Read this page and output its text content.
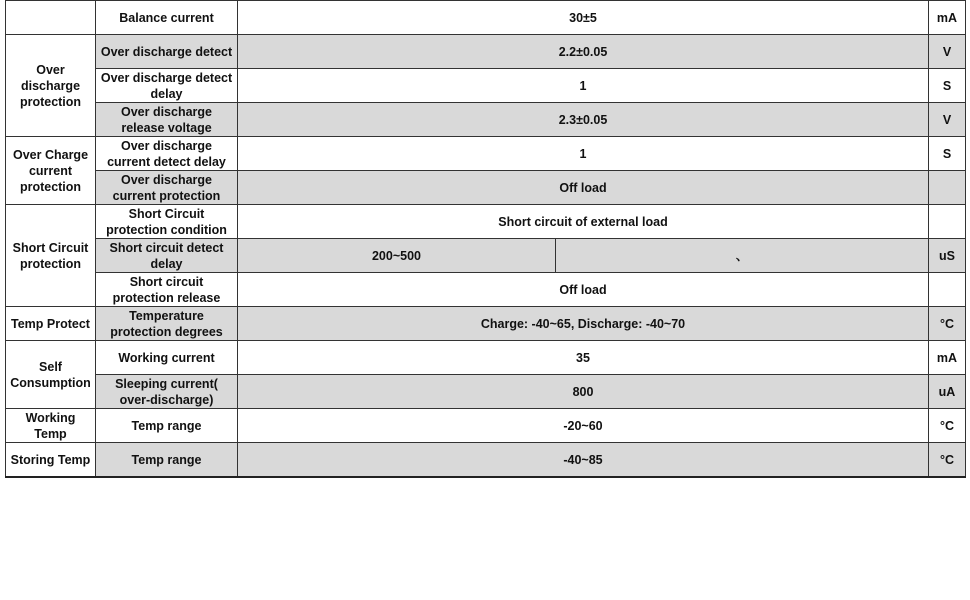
	Balance current	30±5		mA
Over discharge protection	Over discharge detect	2.2±0.05		V
	Over discharge detect delay	1		S
	Over discharge release voltage	2.3±0.05		V
Over Charge current protection	Over discharge current detect delay	1		S
	Over discharge current protection	Off load		
Short Circuit protection	Short Circuit protection condition	Short circuit of external load		
	Short circuit detect delay	200~500	、	uS
	Short circuit protection release	Off load		
Temp Protect	Temperature protection degrees	Charge: -40~65, Discharge: -40~70		°C
Self Consumption	Working current	35		mA
	Sleeping current( over-discharge)	800		uA
Working Temp	Temp range	-20~60		°C
Storing Temp	Temp range	-40~85		°C
